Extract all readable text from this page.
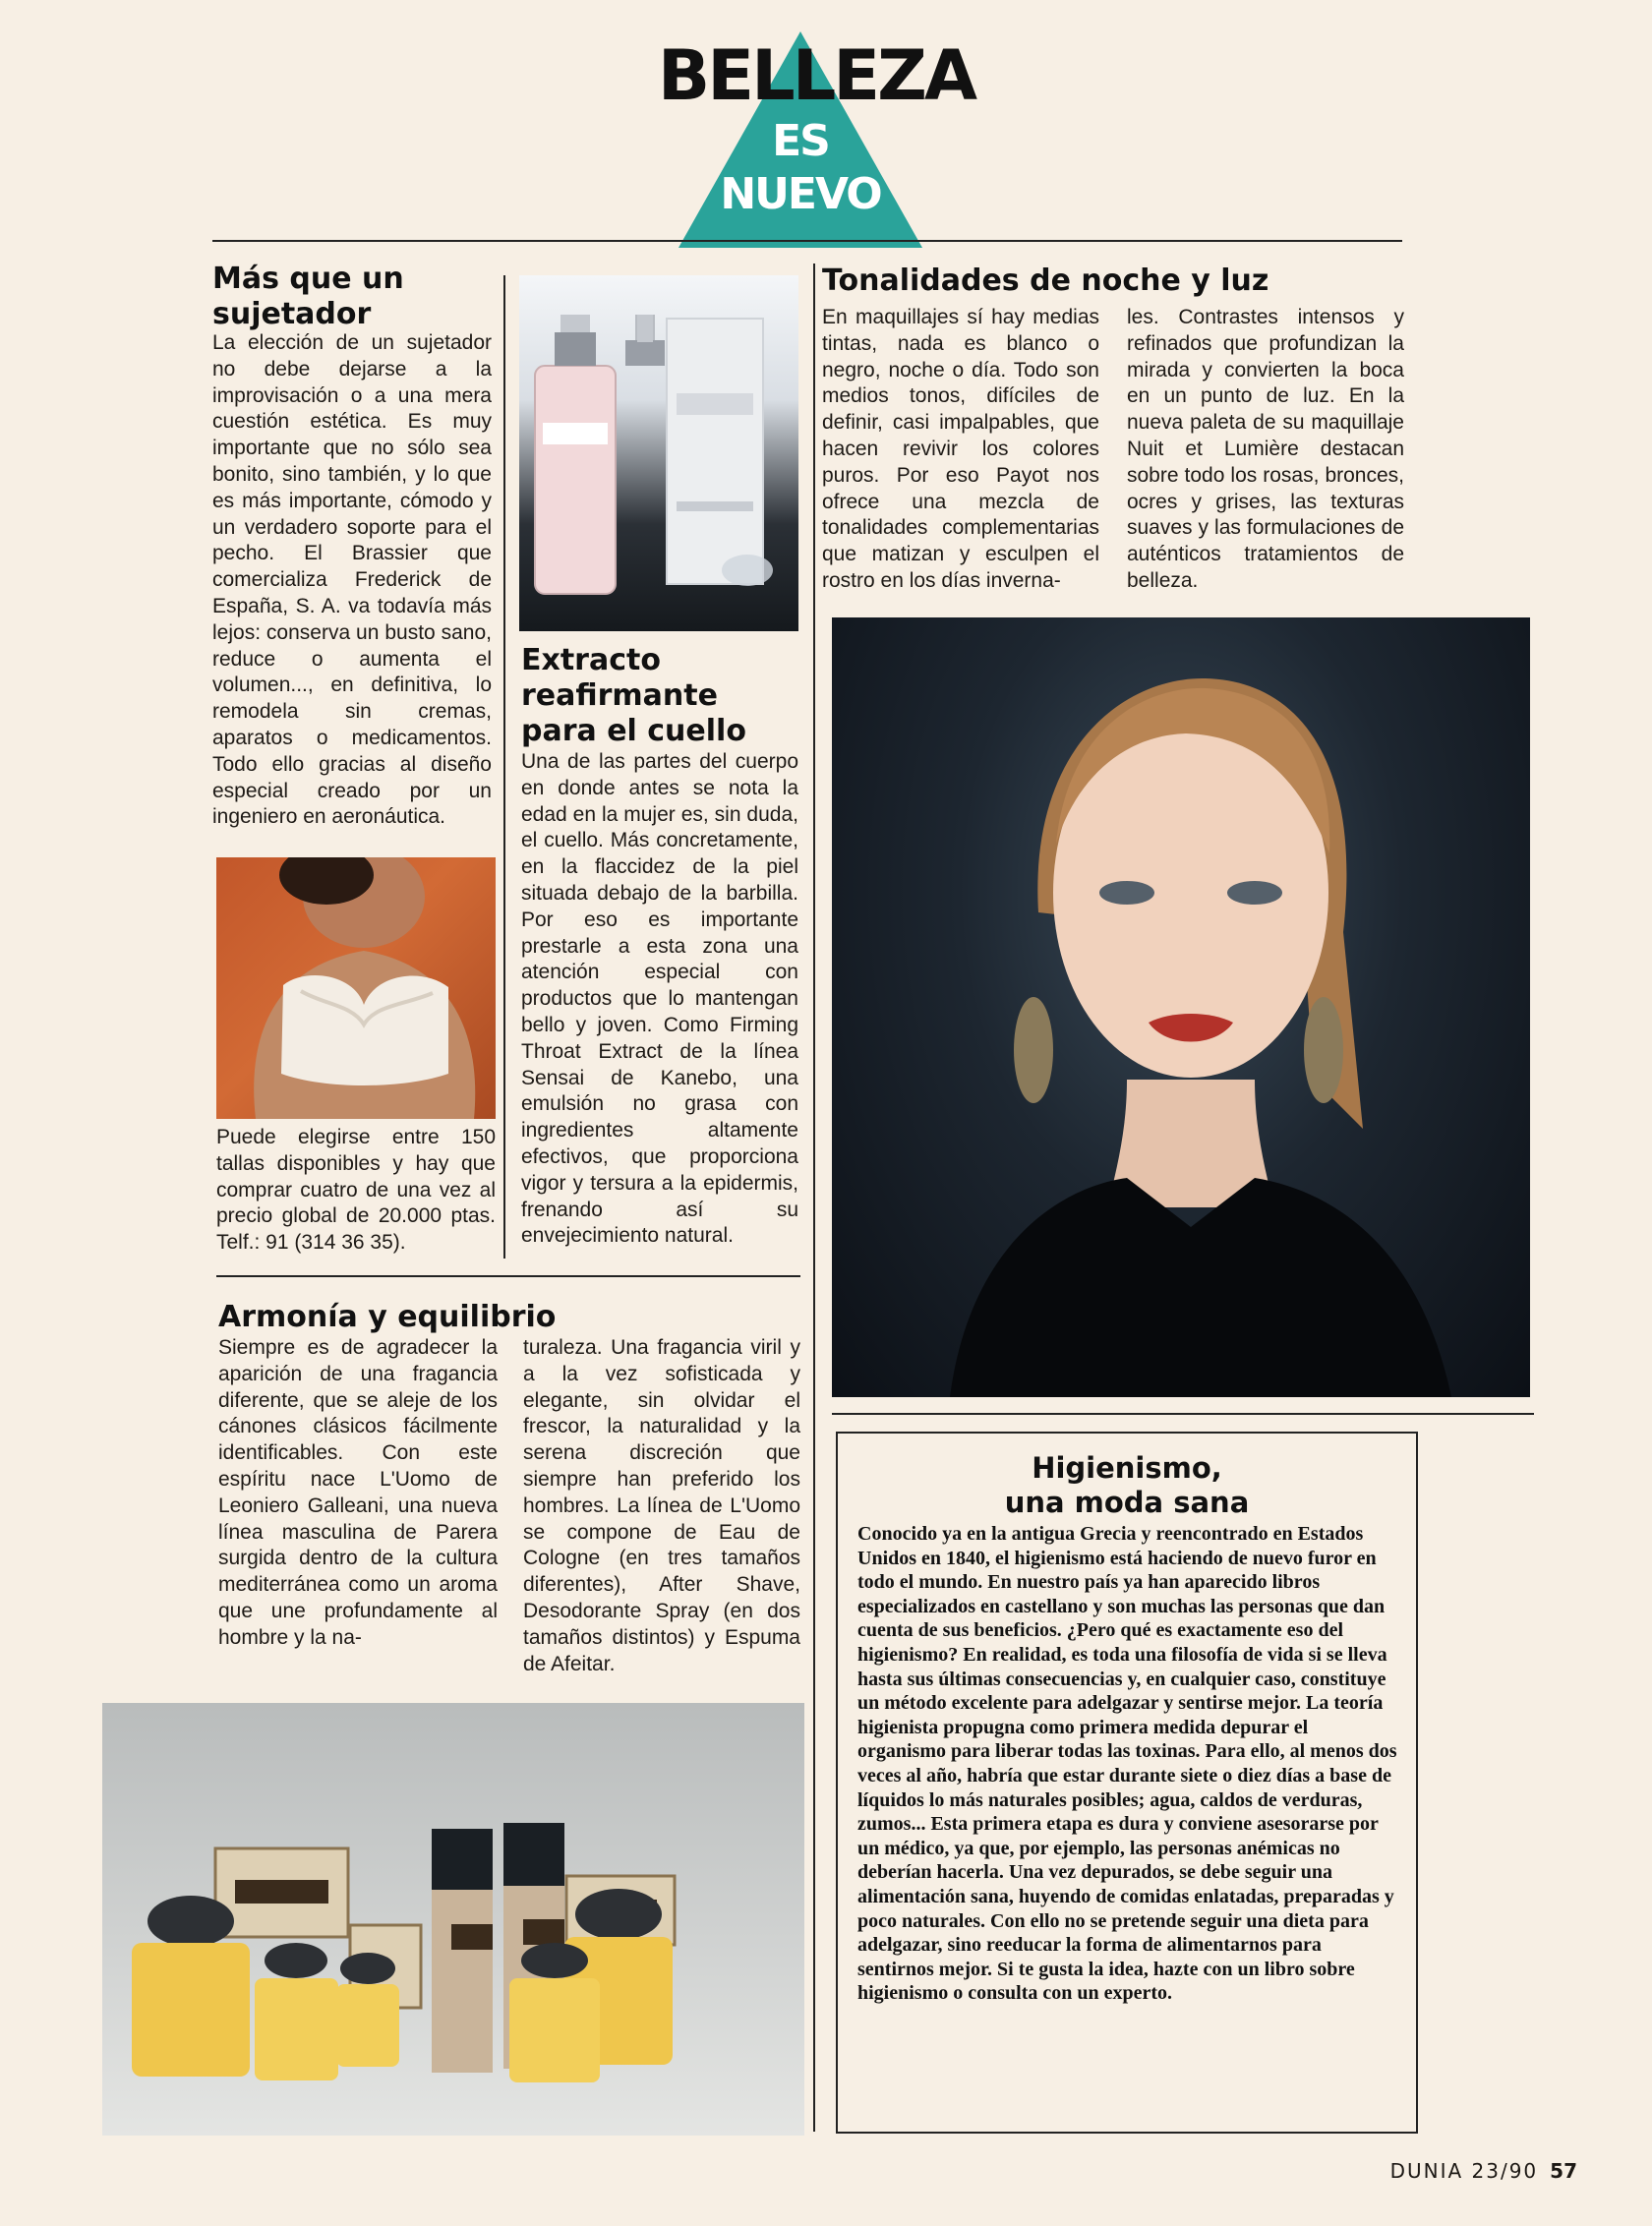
BELLEZA
ES
NUEVO
Más que un sujetador

La elección de un sujetador no debe dejarse a la improvisación o a una mera cuestión estética. Es muy importante que no sólo sea bonito, sino también, y lo que es más importante, cómodo y un verdadero soporte para el pecho. El Brassier que comercializa Frederick de España, S. A. va todavía más lejos: conserva un busto sano, reduce o aumenta el volumen..., en definitiva, lo remodela sin cremas, aparatos o medicamentos. Todo ello gracias al diseño especial creado por un ingeniero en aeronáutica.

Puede elegirse entre 150 tallas disponibles y hay que comprar cuatro de una vez al precio global de 20.000 ptas. Telf.: 91 (314 36 35).

Extracto reafirmante para el cuello

Una de las partes del cuerpo en donde antes se nota la edad en la mujer es, sin duda, el cuello. Más concretamente, en la flaccidez de la piel situada debajo de la barbilla. Por eso es importante prestarle a esta zona una atención especial con productos que lo mantengan bello y joven. Como Firming Throat Extract de la línea Sensai de Kanebo, una emulsión no grasa con ingredientes altamente efectivos, que proporciona vigor y tersura a la epidermis, frenando así su envejecimiento natural.

Tonalidades de noche y luz

En maquillajes sí hay medias tintas, nada es blanco o negro, noche o día. Todo son medios tonos, difíciles de definir, casi impalpables, que hacen revivir los colores puros. Por eso Payot nos ofrece una mezcla de tonalidades complementarias que matizan y esculpen el rostro en los días inverna-

les. Contrastes intensos y refinados que profundizan la mirada y convierten la boca en un punto de luz. En la nueva paleta de su maquillaje Nuit et Lumière destacan sobre todo los rosas, bronces, ocres y grises, las texturas suaves y las formulaciones de auténticos tratamientos de belleza.

Armonía y equilibrio

Siempre es de agradecer la aparición de una fragancia diferente, que se aleje de los cánones clásicos fácilmente identificables. Con este espíritu nace L'Uomo de Leoniero Galleani, una nueva línea masculina de Parera surgida dentro de la cultura mediterránea como un aroma que une profundamente al hombre y la na-

turaleza. Una fragancia viril y a la vez sofisticada y elegante, sin olvidar el frescor, la naturalidad y la serena discreción que siempre han preferido los hombres. La línea de L'Uomo se compone de Eau de Cologne (en tres tamaños diferentes), After Shave, Desodorante Spray (en dos tamaños distintos) y Espuma de Afeitar.

Higienismo,
una moda sana

Conocido ya en la antigua Grecia y reencontrado en Estados Unidos en 1840, el higienismo está haciendo de nuevo furor en todo el mundo. En nuestro país ya han aparecido libros especializados en castellano y son muchas las personas que dan cuenta de sus beneficios. ¿Pero qué es exactamente eso del higienismo? En realidad, es toda una filosofía de vida si se lleva hasta sus últimas consecuencias y, en cualquier caso, constituye un método excelente para adelgazar y sentirse mejor. La teoría higienista propugna como primera medida depurar el organismo para liberar todas las toxinas. Para ello, al menos dos veces al año, habría que estar durante siete o diez días a base de líquidos lo más naturales posibles; agua, caldos de verduras, zumos... Esta primera etapa es dura y conviene asesorarse por un médico, ya que, por ejemplo, las personas anémicas no deberían hacerla. Una vez depurados, se debe seguir una alimentación sana, huyendo de comidas enlatadas, preparadas y poco naturales. Con ello no se pretende seguir una dieta para adelgazar, sino reeducar la forma de alimentarnos para sentirnos mejor. Si te gusta la idea, hazte con un libro sobre higienismo o consulta con un experto.

DUNIA 23/90 57
